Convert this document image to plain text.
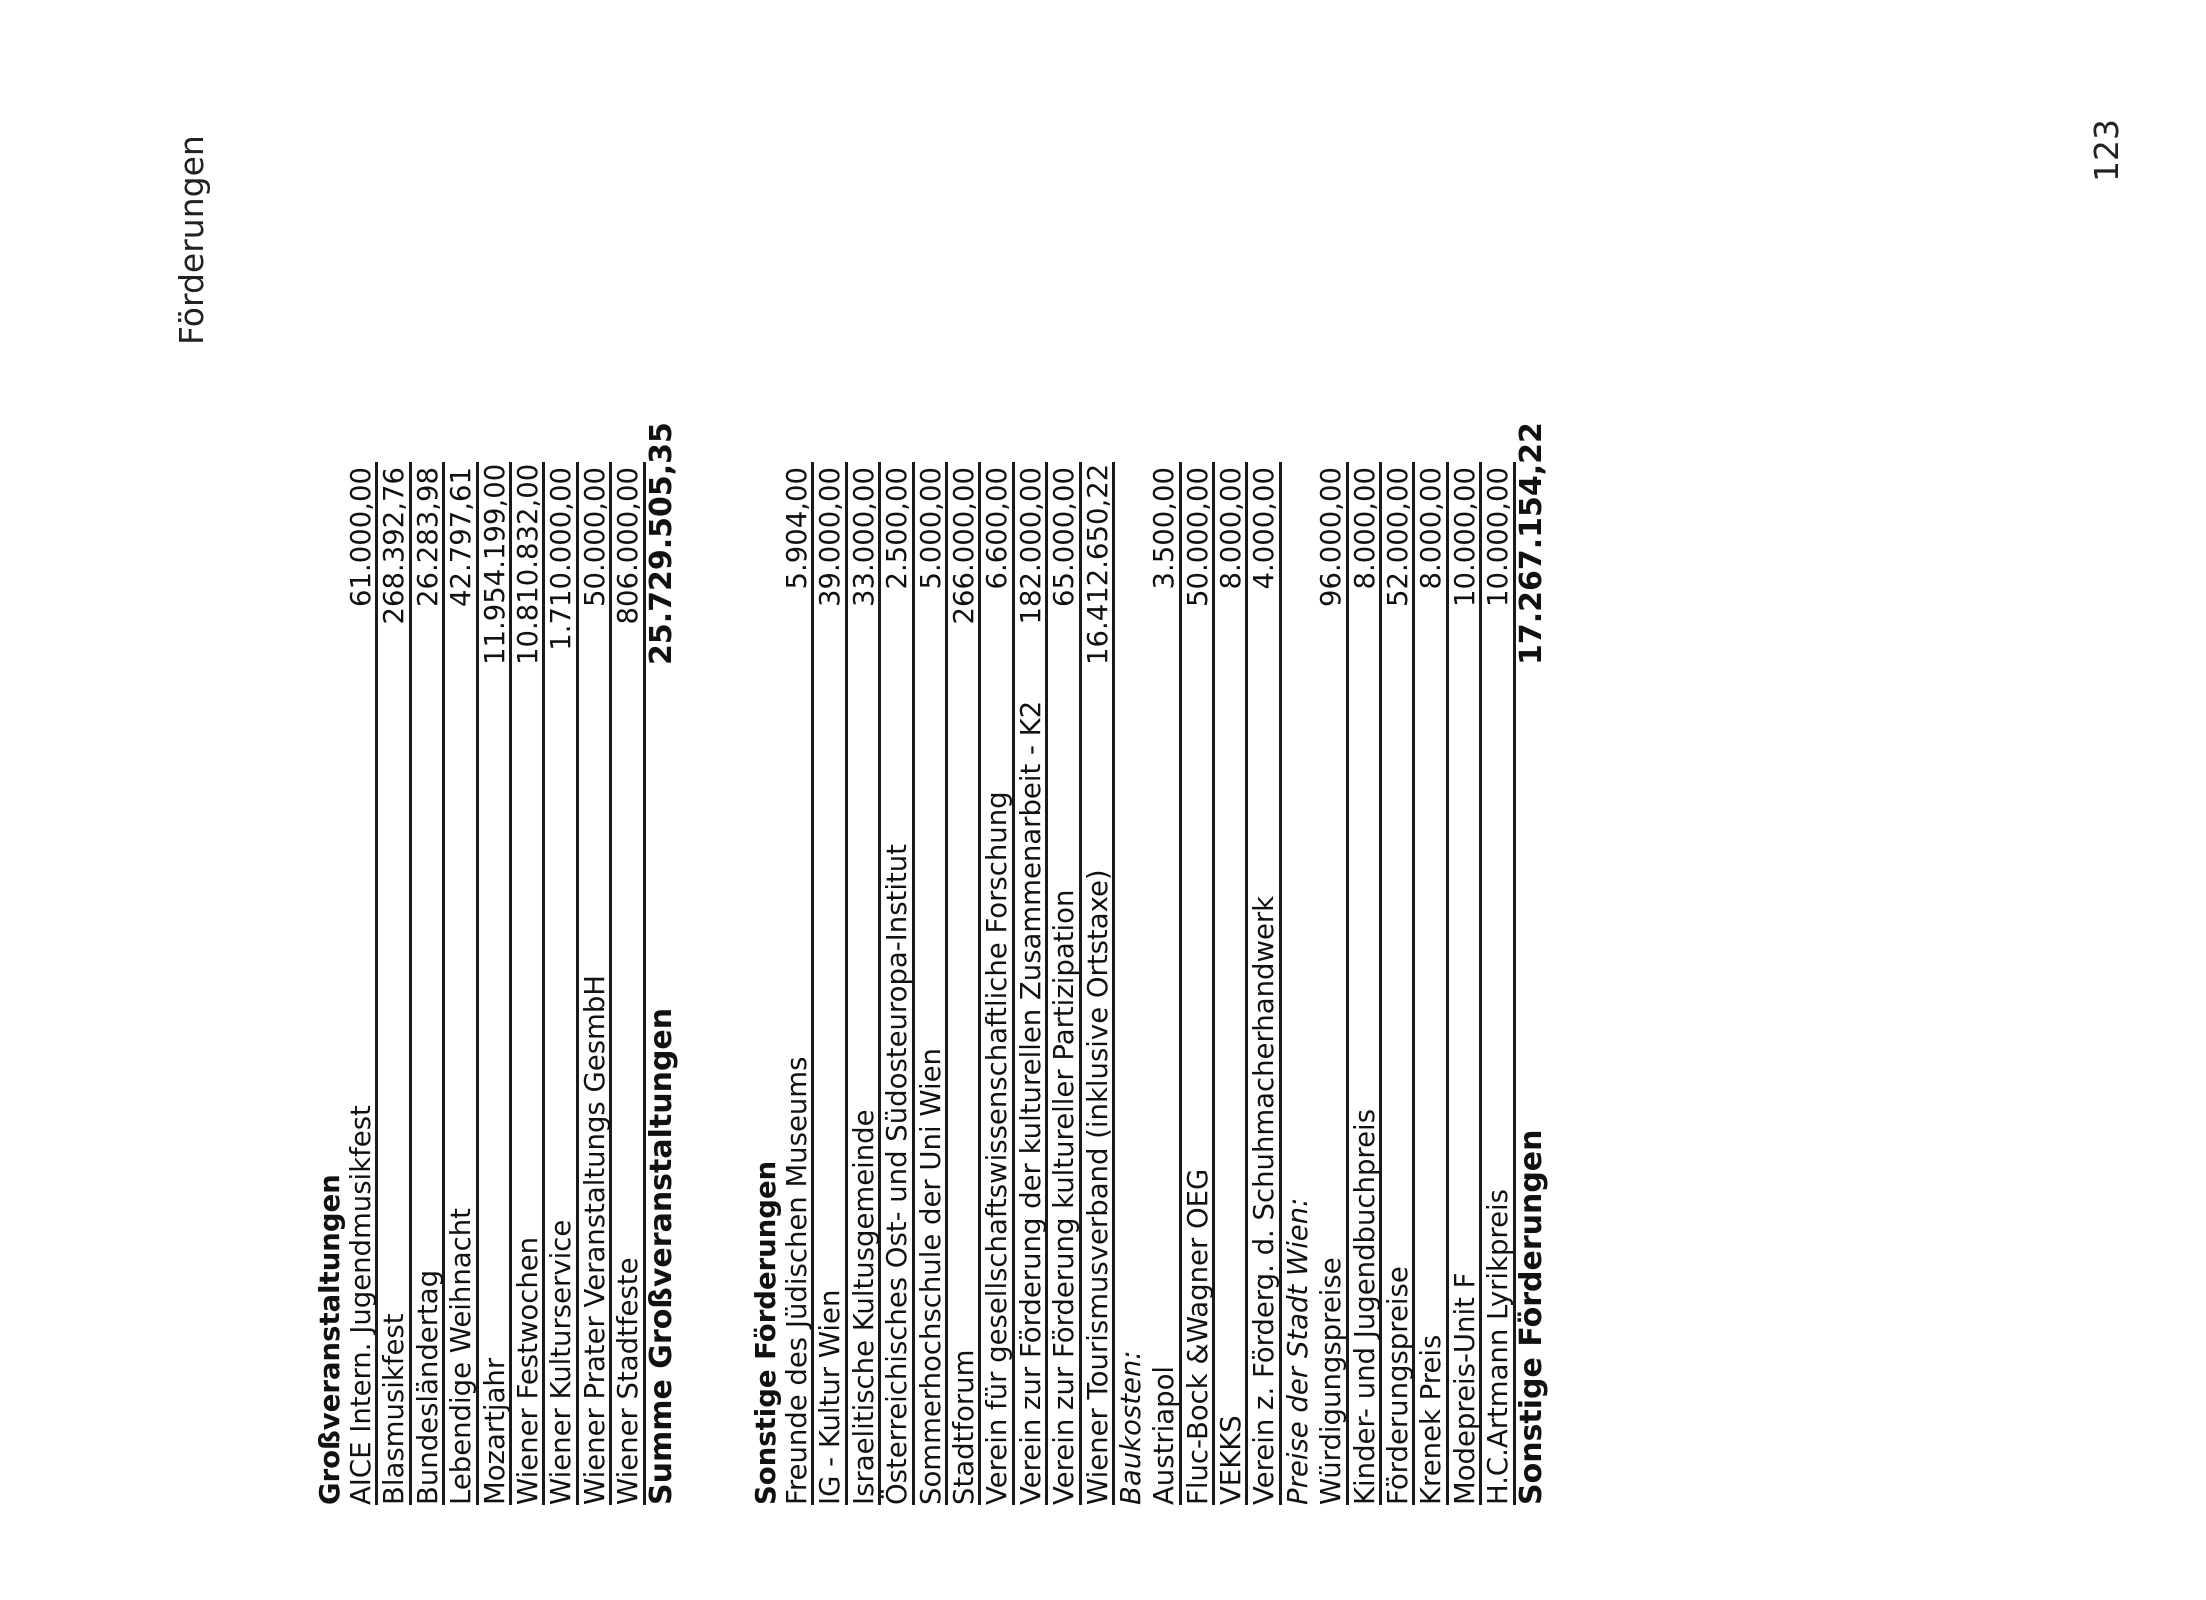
Förderungen
Großveranstaltungen AICE Intern. Jugendmusikfest
61.000,00
Blasmusikfest
268.392,76
Bundesländertag
26.283,98
Lebendige Weihnacht
42.797,61
Mozartjahr
11.954.199,00
Wiener Festwochen
10.810.832,00
Wiener Kulturservice
1.710.000,00
Wiener Prater Veranstaltungs GesmbH
50.000,00
Wiener Stadtfeste
806.000,00
Summe Großveranstaltungen
25.729.505,35
Sonstige Förderungen Freunde des Jüdischen Museums
5.904,00
IG - Kultur Wien
39.000,00
Israelitische Kultusgemeinde
33.000,00
Österreichisches Ost- und Südosteuropa-Institut
2.500,00
Sommerhochschule der Uni Wien
5.000,00
Stadtforum
266.000,00
Verein für gesellschaftswissenschaftliche Forschung
6.600,00
Verein zur Förderung der kulturellen Zusammenarbeit - K2
182.000,00
Verein zur Förderung kultureller Partizipation
65.000,00
Wiener Tourismusverband (inklusive Ortstaxe)
16.412.650,22
Baukosten: Austriapol
3.500,00
Fluc-Bock &Wagner OEG
50.000,00
VEKKS
8.000,00
Verein z. Förderg. d. Schuhmacherhandwerk
4.000,00
Preise der Stadt Wien: Würdigungspreise
96.000,00
Kinder- und Jugendbuchpreis
8.000,00
Förderungspreise
52.000,00
Krenek Preis
8.000,00
Modepreis-Unit F
10.000,00
H.C.Artmann Lyrikpreis
10.000,00
Sonstige Förderungen
17.267.154,22
123
